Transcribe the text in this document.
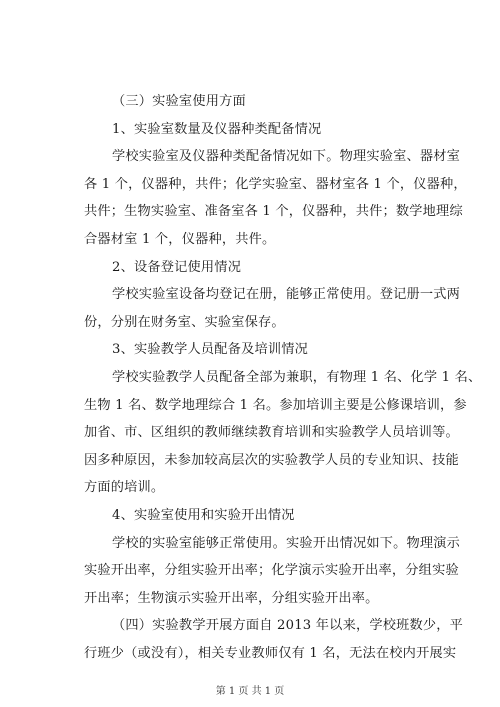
（三）实验室使用方面
1、实验室数量及仪器种类配备情况
学校实验室及仪器种类配备情况如下。物理实验室、器材室
各 1 个，仪器种，共件；化学实验室、器材室各 1 个，仪器种，
共件；生物实验室、准备室各 1 个，仪器种，共件；数学地理综
合器材室 1 个，仪器种，共件。
2、设备登记使用情况
学校实验室设备均登记在册，能够正常使用。登记册一式两
份，分别在财务室、实验室保存。
3、实验教学人员配备及培训情况
学校实验教学人员配备全部为兼职，有物理 1 名、化学 1 名、
生物 1 名、数学地理综合 1 名。参加培训主要是公修课培训，参
加省、市、区组织的教师继续教育培训和实验教学人员培训等。
因多种原因，未参加较高层次的实验教学人员的专业知识、技能
方面的培训。
4、实验室使用和实验开出情况
学校的实验室能够正常使用。实验开出情况如下。物理演示
实验开出率，分组实验开出率；化学演示实验开出率，分组实验
开出率；生物演示实验开出率，分组实验开出率。
（四）实验教学开展方面自 2013 年以来，学校班数少，平
行班少（或没有），相关专业教师仅有 1 名，无法在校内开展实
第 1 页 共 1 页
